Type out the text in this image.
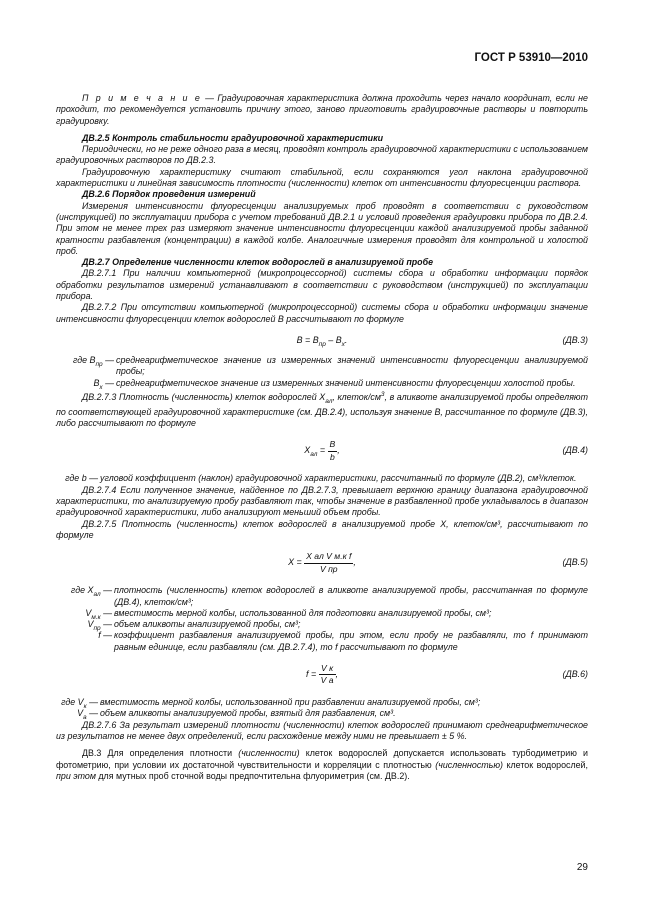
ГОСТ Р 53910—2010

П р и м е ч а н и е — Градуировочная характеристика должна проходить через начало координат, если не проходит, то рекомендуется установить причину этого, заново приготовить градуировочные растворы и повторить градуировку.

ДВ.2.5 Контроль стабильности градуировочной характеристики

Периодически, но не реже одного раза в месяц, проводят контроль градуировочной характеристики с использованием градуировочных растворов по ДВ.2.3.

Градуировочную характеристику считают стабильной, если сохраняются угол наклона градуировочной характеристики и линейная зависимость плотности (численности) клеток от интенсивности флуоресценции раствора.

ДВ.2.6 Порядок проведения измерений

Измерения интенсивности флуоресценции анализируемых проб проводят в соответствии с руководством (инструкцией) по эксплуатации прибора с учетом требований ДВ.2.1 и условий проведения градуировки прибора по ДВ.2.4. При этом не менее трех раз измеряют значение интенсивности флуоресценции каждой анализируемой пробы заданной кратности разбавления (концентрации) в каждой колбе. Аналогичные измерения проводят для контрольной и холостой проб.

ДВ.2.7 Определение численности клеток водорослей в анализируемой пробе

ДВ.2.7.1 При наличии компьютерной (микропроцессорной) системы сбора и обработки информации порядок обработки результатов измерений устанавливают в соответствии с руководством (инструкцией) по эксплуатации прибора.

ДВ.2.7.2 При отсутствии компьютерной (микропроцессорной) системы сбора и обработки информации значение интенсивности флуоресценции клеток водорослей В рассчитывают по формуле

$B = B_{пр} - B_х$.	(ДВ.3)
где $B_{пр}$ — среднеарифметическое значение из измеренных значений интенсивности флуоресценции анализируемой пробы;
$B_х$ — среднеарифметическое значение из измеренных значений интенсивности флуоресценции холостой пробы.

ДВ.2.7.3 Плотность (численность) клеток водорослей $X_{ал}$, клеток/$см^3$, в аликвоте анализируемой пробы определяют по соответствующей градуировочной характеристике (см. ДВ.2.4), используя значение В, рассчитанное по формуле (ДВ.3), либо рассчитывают по формуле

$X_{ал} = \frac{B}{b}$ ,	(ДВ.4)
где b — угловой коэффициент (наклон) градуировочной характеристики, рассчитанный по формуле (ДВ.2), см³/клеток.

ДВ.2.7.4 Если полученное значение, найденное по ДВ.2.7.3, превышает верхнюю границу диапазона градуировочной характеристики, то анализируемую пробу разбавляют так, чтобы значение в разбавленной пробе укладывалось в диапазон градуировочной характеристики, либо анализируют меньший объем пробы.

ДВ.2.7.5 Плотность (численность) клеток водорослей в анализируемой пробе Х, клеток/см³, рассчитывают по формуле

$X = \frac{\text{X ал V м.к f}}{\text{V пр}}$ ,	(ДВ.5)
где $X_{ал}$ — плотность (численность) клеток водорослей в аликвоте анализируемой пробы, рассчитанная по формуле (ДВ.4), клеток/см³;
$V_{м.к}$ — вместимость мерной колбы, использованной для подготовки анализируемой пробы, см³;
$V_{пр}$ — объем аликвоты анализируемой пробы, см³;
f — коэффициент разбавления анализируемой пробы, при этом, если пробу не разбавляли, то f принимают равным единице, если разбавляли (см. ДВ.2.7.4), то f рассчитывают по формуле
$f = \frac{\text{V к}}{\text{V а}}$ ,	(ДВ.6)
где $V_к$ — вместимость мерной колбы, использованной при разбавлении анализируемой пробы, см³;
$V_а$ — объем аликвоты анализируемой пробы, взятый для разбавления, см³.

ДВ.2.7.6 За результат измерений плотности (численности) клеток водорослей принимают среднеарифметическое из результатов не менее двух определений, если расхождение между ними не превышает ± 5 %.

ДВ.3 Для определения плотности (численности) клеток водорослей допускается использовать турбодиметрию и фотометрию, при условии их достаточной чувствительности и корреляции с плотностью (численностью) клеток водорослей, при этом для мутных проб сточной воды предпочтительна флуориметрия (см. ДВ.2).

29
